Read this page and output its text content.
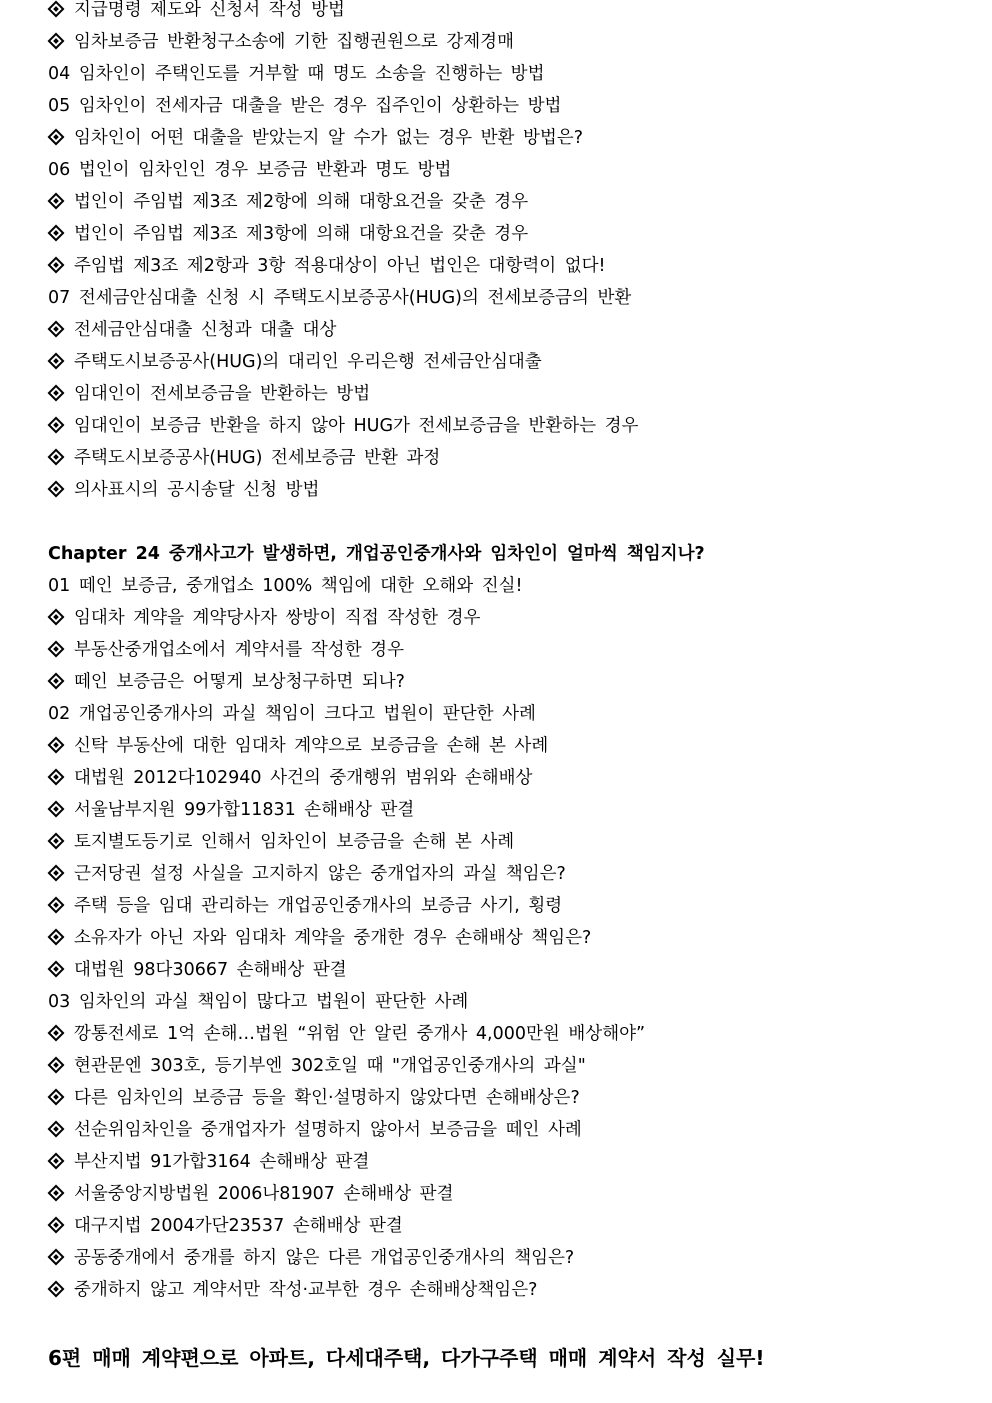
지급명령 제도와 신청서 작성 방법
임차보증금 반환청구소송에 기한 집행권원으로 강제경매
04 임차인이 주택인도를 거부할 때 명도 소송을 진행하는 방법
05 임차인이 전세자금 대출을 받은 경우 집주인이 상환하는 방법
임차인이 어떤 대출을 받았는지 알 수가 없는 경우 반환 방법은?
06 법인이 임차인인 경우 보증금 반환과 명도 방법
법인이 주임법 제3조 제2항에 의해 대항요건을 갖춘 경우
법인이 주임법 제3조 제3항에 의해 대항요건을 갖춘 경우
주임법 제3조 제2항과 3항 적용대상이 아닌 법인은 대항력이 없다!
07 전세금안심대출 신청 시 주택도시보증공사(HUG)의 전세보증금의 반환
전세금안심대출 신청과 대출 대상
주택도시보증공사(HUG)의 대리인 우리은행 전세금안심대출
임대인이 전세보증금을 반환하는 방법
임대인이 보증금 반환을 하지 않아 HUG가 전세보증금을 반환하는 경우
주택도시보증공사(HUG) 전세보증금 반환 과정
의사표시의 공시송달 신청 방법
Chapter 24 중개사고가 발생하면, 개업공인중개사와 임차인이 얼마씩 책임지나?
01 떼인 보증금, 중개업소 100% 책임에 대한 오해와 진실!
임대차 계약을 계약당사자 쌍방이 직접 작성한 경우
부동산중개업소에서 계약서를 작성한 경우
떼인 보증금은 어떻게 보상청구하면 되나?
02 개업공인중개사의 과실 책임이 크다고 법원이 판단한 사례
신탁 부동산에 대한 임대차 계약으로 보증금을 손해 본 사례
대법원 2012다102940 사건의 중개행위 범위와 손해배상
서울남부지원 99가합11831 손해배상 판결
토지별도등기로 인해서 임차인이 보증금을 손해 본 사례
근저당권 설정 사실을 고지하지 않은 중개업자의 과실 책임은?
주택 등을 임대 관리하는 개업공인중개사의 보증금 사기, 횡령
소유자가 아닌 자와 임대차 계약을 중개한 경우 손해배상 책임은?
대법원 98다30667 손해배상 판결
03 임차인의 과실 책임이 많다고 법원이 판단한 사례
깡통전세로 1억 손해…법원 “위험 안 알린 중개사 4,000만원 배상해야”
현관문엔 303호, 등기부엔 302호일 때 "개업공인중개사의 과실"
다른 임차인의 보증금 등을 확인·설명하지 않았다면 손해배상은?
선순위임차인을 중개업자가 설명하지 않아서 보증금을 떼인 사례
부산지법 91가합3164 손해배상 판결
서울중앙지방법원 2006나81907 손해배상 판결
대구지법 2004가단23537 손해배상 판결
공동중개에서 중개를 하지 않은 다른 개업공인중개사의 책임은?
중개하지 않고 계약서만 작성·교부한 경우 손해배상책임은?
6편 매매 계약편으로 아파트, 다세대주택, 다가구주택 매매 계약서 작성 실무!
